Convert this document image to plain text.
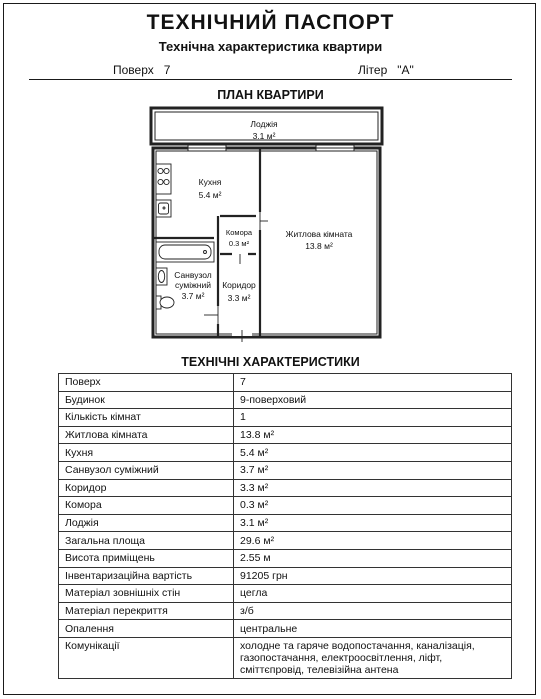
ТЕХНІЧНИЙ ПАСПОРТ
Технічна характеристика квартири
Поверх 7	Літер "А"
ПЛАН КВАРТИРИ
Лоджія
3.1 м²
Кухня
5.4 м²
Комора
0.3 м²
Житлова кімната
13.8 м²
Санвузол
суміжний
3.7 м²
Коридор
3.3 м²
ТЕХНІЧНІ ХАРАКТЕРИСТИКИ
Поверх	7
Будинок	9-поверховий
Кількість кімнат	1
Житлова кімната	13.8 м²
Кухня	5.4 м²
Санвузол суміжний	3.7 м²
Коридор	3.3 м²
Комора	0.3 м²
Лоджія	3.1 м²
Загальна площа	29.6 м²
Висота приміщень	2.55 м
Інвентаризаційна вартість	91205 грн
Матеріал зовнішніх стін	цегла
Матеріал перекриття	з/б
Опалення	центральне
Комунікації	холодне та гаряче водопостачання, каналізація, газопостачання, електроосвітлення, ліфт, сміттєпровід, телевізійна антена
